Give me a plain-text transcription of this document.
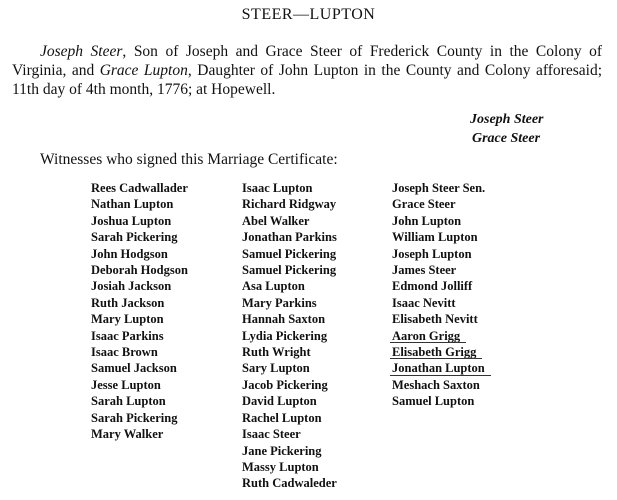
STEER—LUPTON
Joseph Steer, Son of Joseph and Grace Steer of Frederick County in the Colony of Virginia, and Grace Lupton, Daughter of John Lupton in the County and Colony afforesaid; 11th day of 4th month, 1776; at Hopewell.
Joseph Steer
Grace Steer
Witnesses who signed this Marriage Certificate:
Rees Cadwallader
Nathan Lupton
Joshua Lupton
Sarah Pickering
John Hodgson
Deborah Hodgson
Josiah Jackson
Ruth Jackson
Mary Lupton
Isaac Parkins
Isaac Brown
Samuel Jackson
Jesse Lupton
Sarah Lupton
Sarah Pickering
Mary Walker
Isaac Lupton
Richard Ridgway
Abel Walker
Jonathan Parkins
Samuel Pickering
Samuel Pickering
Asa Lupton
Mary Parkins
Hannah Saxton
Lydia Pickering
Ruth Wright
Sary Lupton
Jacob Pickering
David Lupton
Rachel Lupton
Isaac Steer
Jane Pickering
Massy Lupton
Ruth Cadwaleder
Joseph Steer Sen.
Grace Steer
John Lupton
William Lupton
Joseph Lupton
James Steer
Edmond Jolliff
Isaac Nevitt
Elisabeth Nevitt
Aaron Grigg
Elisabeth Grigg
Jonathan Lupton
Meshach Saxton
Samuel Lupton
